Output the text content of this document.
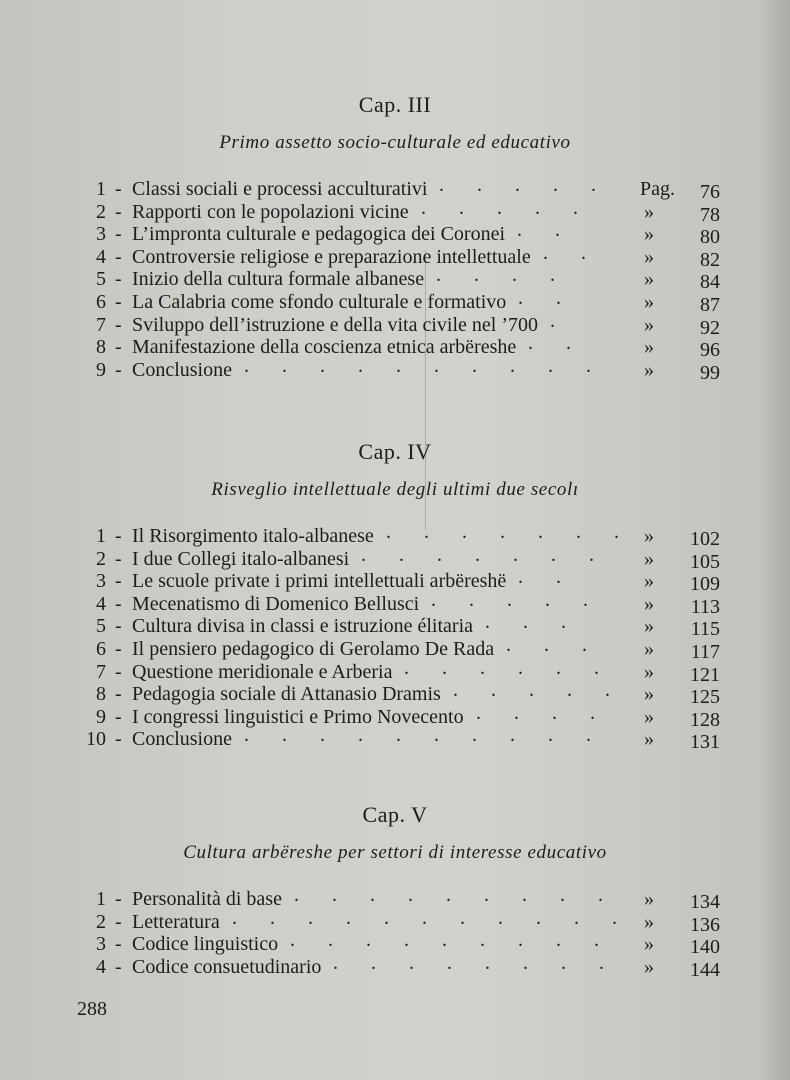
Cap. III
Primo assetto socio-culturale ed educativo
1 - Classi sociali e processi acculturativi . . . . . Pag. 76
2 - Rapporti con le popolazioni vicine . . . . .	» 78
3 - L’impronta culturale e pedagogica dei Coronei . .	» 80
4 - Controversie religiose e preparazione intellettuale . . » 82
5 - Inizio della cultura formale albanese . . . .	» 84
6 - La Calabria come sfondo culturale e formativo . .	» 87
7 - Sviluppo dell’istruzione e della vita civile nel ’700 .	» 92
8 - Manifestazione della coscienza etnica arbëreshe . .	» 96
9 - Conclusione . . . . . . . . . . » 99
Cap. IV
Risveglio intellettuale degli ultimi due secolı
1 - Il Risorgimento italo-albanese . . . . . . . » 102
2 - I due Collegi italo-albanesi . . . . . . . » 105
3 - Le scuole private i primi intellettuali arbëreshë . .	» 109
4 - Mecenatismo di Domenico Bellusci . . . . . » 113
5 - Cultura divisa in classi e istruzione élitaria . . .	» 115
6 - Il pensiero pedagogico di Gerolamo De Rada . . . » 117
7 - Questione meridionale e Arberia . . . . . . » 121
8 - Pedagogia sociale di Attanasio Dramis . . . . . » 125
9 - I congressi linguistici e Primo Novecento . . . . » 128
10 - Conclusione . . . . . . . . . . » 131
Cap. V
Cultura arbëreshe per settori di interesse educativo
1 - Personalità di base . . . . . . . . . » 134
2 - Letteratura . . . . . . . . . . . » 136
3 - Codice linguistico . . . . . . . . . » 140
4 - Codice consuetudinario . . . . . . . . » 144
288
